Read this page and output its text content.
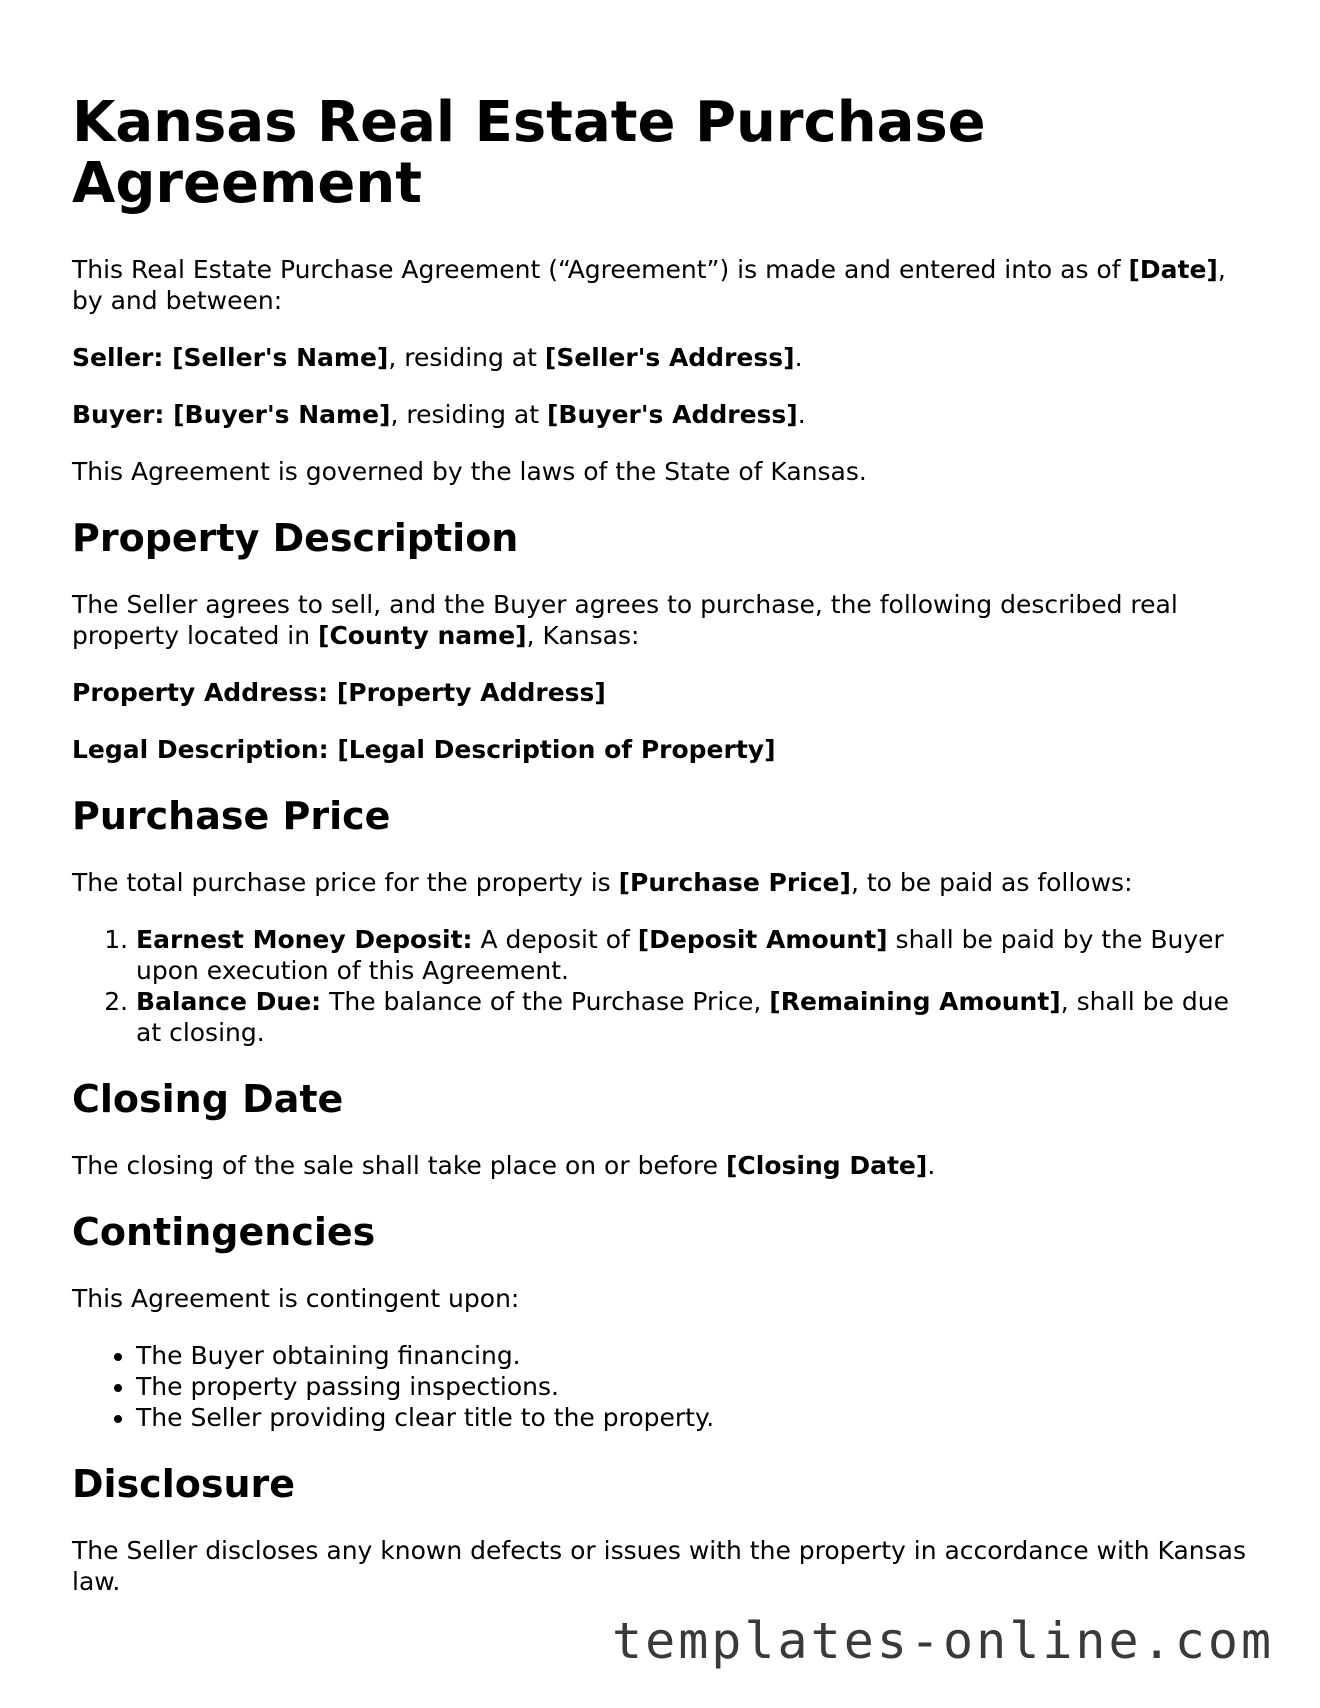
Kansas Real Estate Purchase Agreement

This Real Estate Purchase Agreement (“Agreement”) is made and entered into as of [Date], by and between:

Seller: [Seller's Name], residing at [Seller's Address].

Buyer: [Buyer's Name], residing at [Buyer's Address].

This Agreement is governed by the laws of the State of Kansas.

Property Description

The Seller agrees to sell, and the Buyer agrees to purchase, the following described real property located in [County name], Kansas:

Property Address: [Property Address]

Legal Description: [Legal Description of Property]

Purchase Price

The total purchase price for the property is [Purchase Price], to be paid as follows:

1. Earnest Money Deposit: A deposit of [Deposit Amount] shall be paid by the Buyer upon execution of this Agreement.
2. Balance Due: The balance of the Purchase Price, [Remaining Amount], shall be due at closing.
Closing Date

The closing of the sale shall take place on or before [Closing Date].

Contingencies

This Agreement is contingent upon:

• The Buyer obtaining financing.
• The property passing inspections.
• The Seller providing clear title to the property.
Disclosure

The Seller discloses any known defects or issues with the property in accordance with Kansas law.

templates-online.com
